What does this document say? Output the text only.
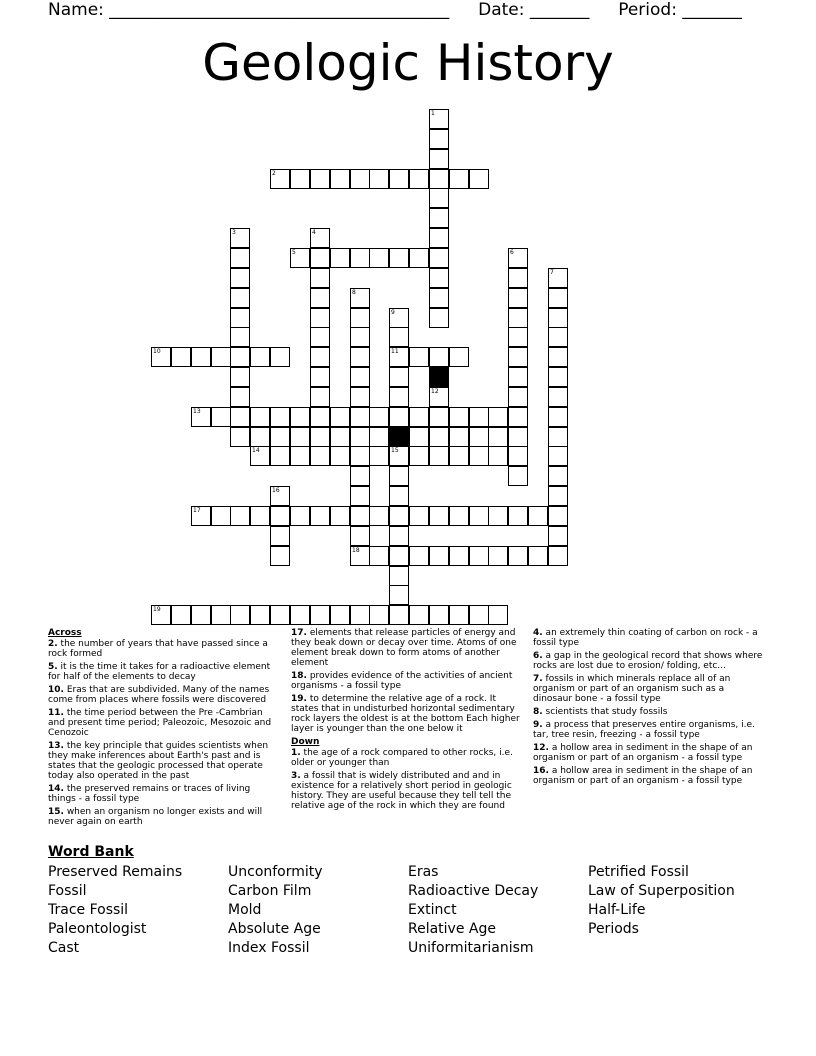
Name: ________________________________________ Date: _______ Period: _______
Geologic History
2
5
10	11
13
14	15
17
18
19
1
3	4
6
7
8
9
12
16
Across
2. the number of years that have passed since a rock formed
5. it is the time it takes for a radioactive element for half of the elements to decay
10. Eras that are subdivided. Many of the names come from places where fossils were discovered
11. the time period between the Pre -Cambrian and present time period; Paleozoic, Mesozoic and Cenozoic
13. the key principle that guides scientists when they make inferences about Earth's past and is states that the geologic processed that operate today also operated in the past
14. the preserved remains or traces of living things - a fossil type
15. when an organism no longer exists and will never again on earth
17. elements that release particles of energy and they beak down or decay over time. Atoms of one element break down to form atoms of another element
18. provides evidence of the activities of ancient organisms - a fossil type
19. to determine the relative age of a rock. It states that in undisturbed horizontal sedimentary rock layers the oldest is at the bottom Each higher layer is younger than the one below it
Down
1. the age of a rock compared to other rocks, i.e. older or younger than
3. a fossil that is widely distributed and and in existence for a relatively short period in geologic history. They are useful because they tell tell the relative age of the rock in which they are found
4. an extremely thin coating of carbon on rock - a fossil type
6. a gap in the geological record that shows where rocks are lost due to erosion/ folding, etc...
7. fossils in which minerals replace all of an organism or part of an organism such as a dinosaur bone - a fossil type
8. scientists that study fossils
9. a process that preserves entire organisms, i.e. tar, tree resin, freezing - a fossil type
12. a hollow area in sediment in the shape of an organism or part of an organism - a fossil type
16. a hollow area in sediment in the shape of an organism or part of an organism - a fossil type
Word Bank
Preserved Remains
Fossil
Trace Fossil
Paleontologist
Cast
Unconformity
Carbon Film
Mold
Absolute Age
Index Fossil
Eras
Radioactive Decay
Extinct
Relative Age
Uniformitarianism
Petrified Fossil
Law of Superposition
Half-Life
Periods
